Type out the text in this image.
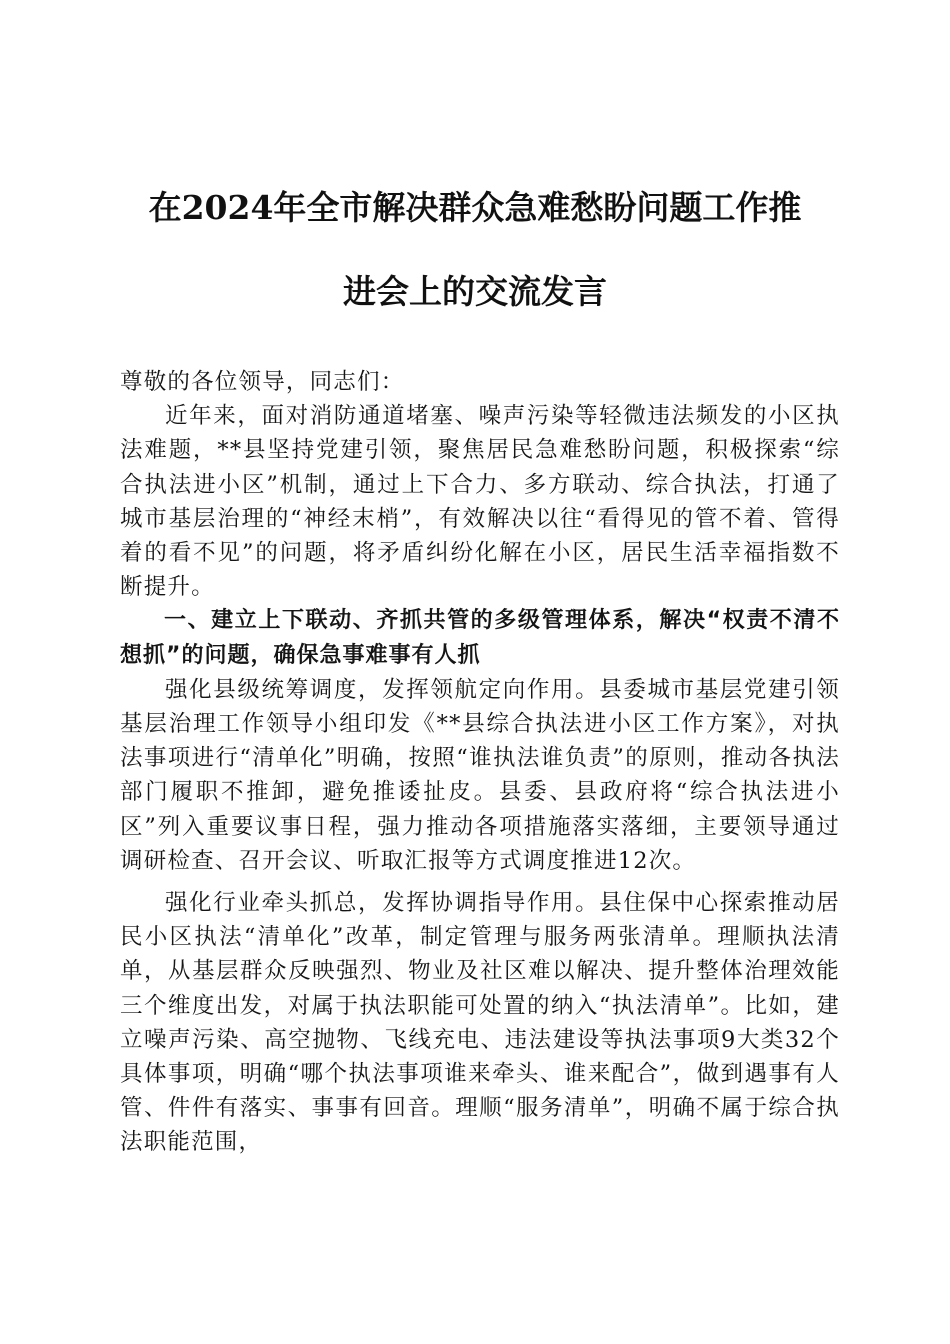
在2024年全市解决群众急难愁盼问题工作推
进会上的交流发言

尊敬的各位领导，同志们：

近年来，面对消防通道堵塞、噪声污染等轻微违法频发的小区执法难题，**县坚持党建引领，聚焦居民急难愁盼问题，积极探索“综合执法进小区”机制，通过上下合力、多方联动、综合执法，打通了城市基层治理的“神经末梢”，有效解决以往“看得见的管不着、管得着的看不见”的问题，将矛盾纠纷化解在小区，居民生活幸福指数不断提升。

一、建立上下联动、齐抓共管的多级管理体系，解决“权责不清不想抓”的问题，确保急事难事有人抓

强化县级统筹调度，发挥领航定向作用。县委城市基层党建引领基层治理工作领导小组印发《**县综合执法进小区工作方案》，对执法事项进行“清单化”明确，按照“谁执法谁负责”的原则，推动各执法部门履职不推卸，避免推诿扯皮。县委、县政府将“综合执法进小区”列入重要议事日程，强力推动各项措施落实落细，主要领导通过调研检查、召开会议、听取汇报等方式调度推进12次。

强化行业牵头抓总，发挥协调指导作用。县住保中心探索推动居民小区执法“清单化”改革，制定管理与服务两张清单。理顺执法清单，从基层群众反映强烈、物业及社区难以解决、提升整体治理效能三个维度出发，对属于执法职能可处置的纳入“执法清单”。比如，建立噪声污染、高空抛物、飞线充电、违法建设等执法事项9大类32个具体事项，明确“哪个执法事项谁来牵头、谁来配合”，做到遇事有人管、件件有落实、事事有回音。理顺“服务清单”，明确不属于综合执法职能范围，
